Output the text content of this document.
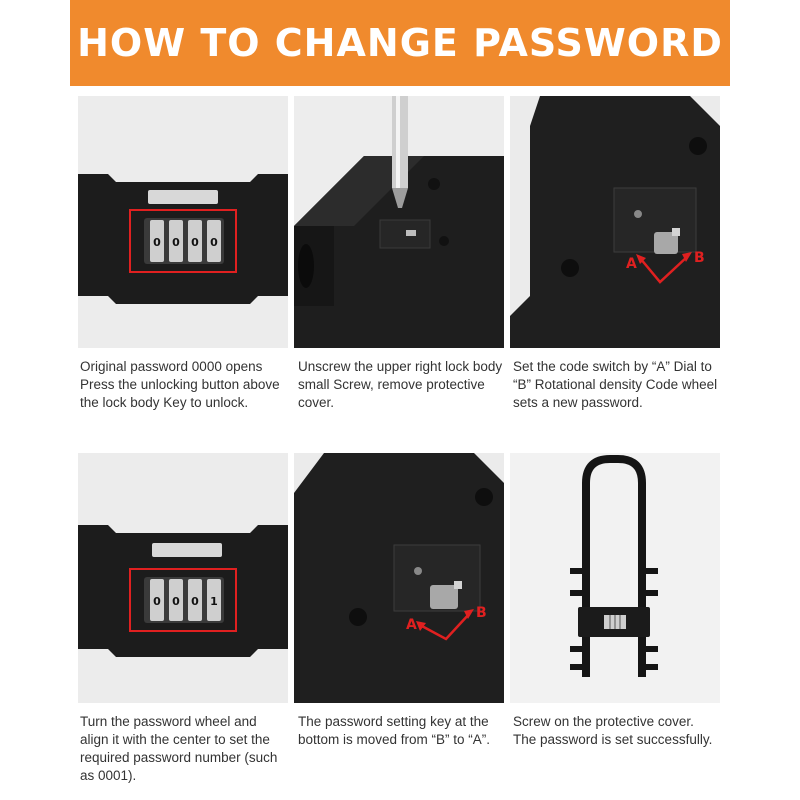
HOW TO CHANGE PASSWORD
0 0 0 0
Original password 0000 opens Press the unlocking button above the lock body Key to unlock.
Unscrew the upper right lock body small Screw, remove protective cover.
A	B
Set the code switch by “A” Dial to “B” Rotational density Code wheel sets a new password.
0 0 0 1
Turn the password wheel and align it with the center to set the required password number (such as 0001).
A
B
The password setting key at the bottom is moved from “B” to “A”.
Screw on the protective cover. The password is set successfully.
